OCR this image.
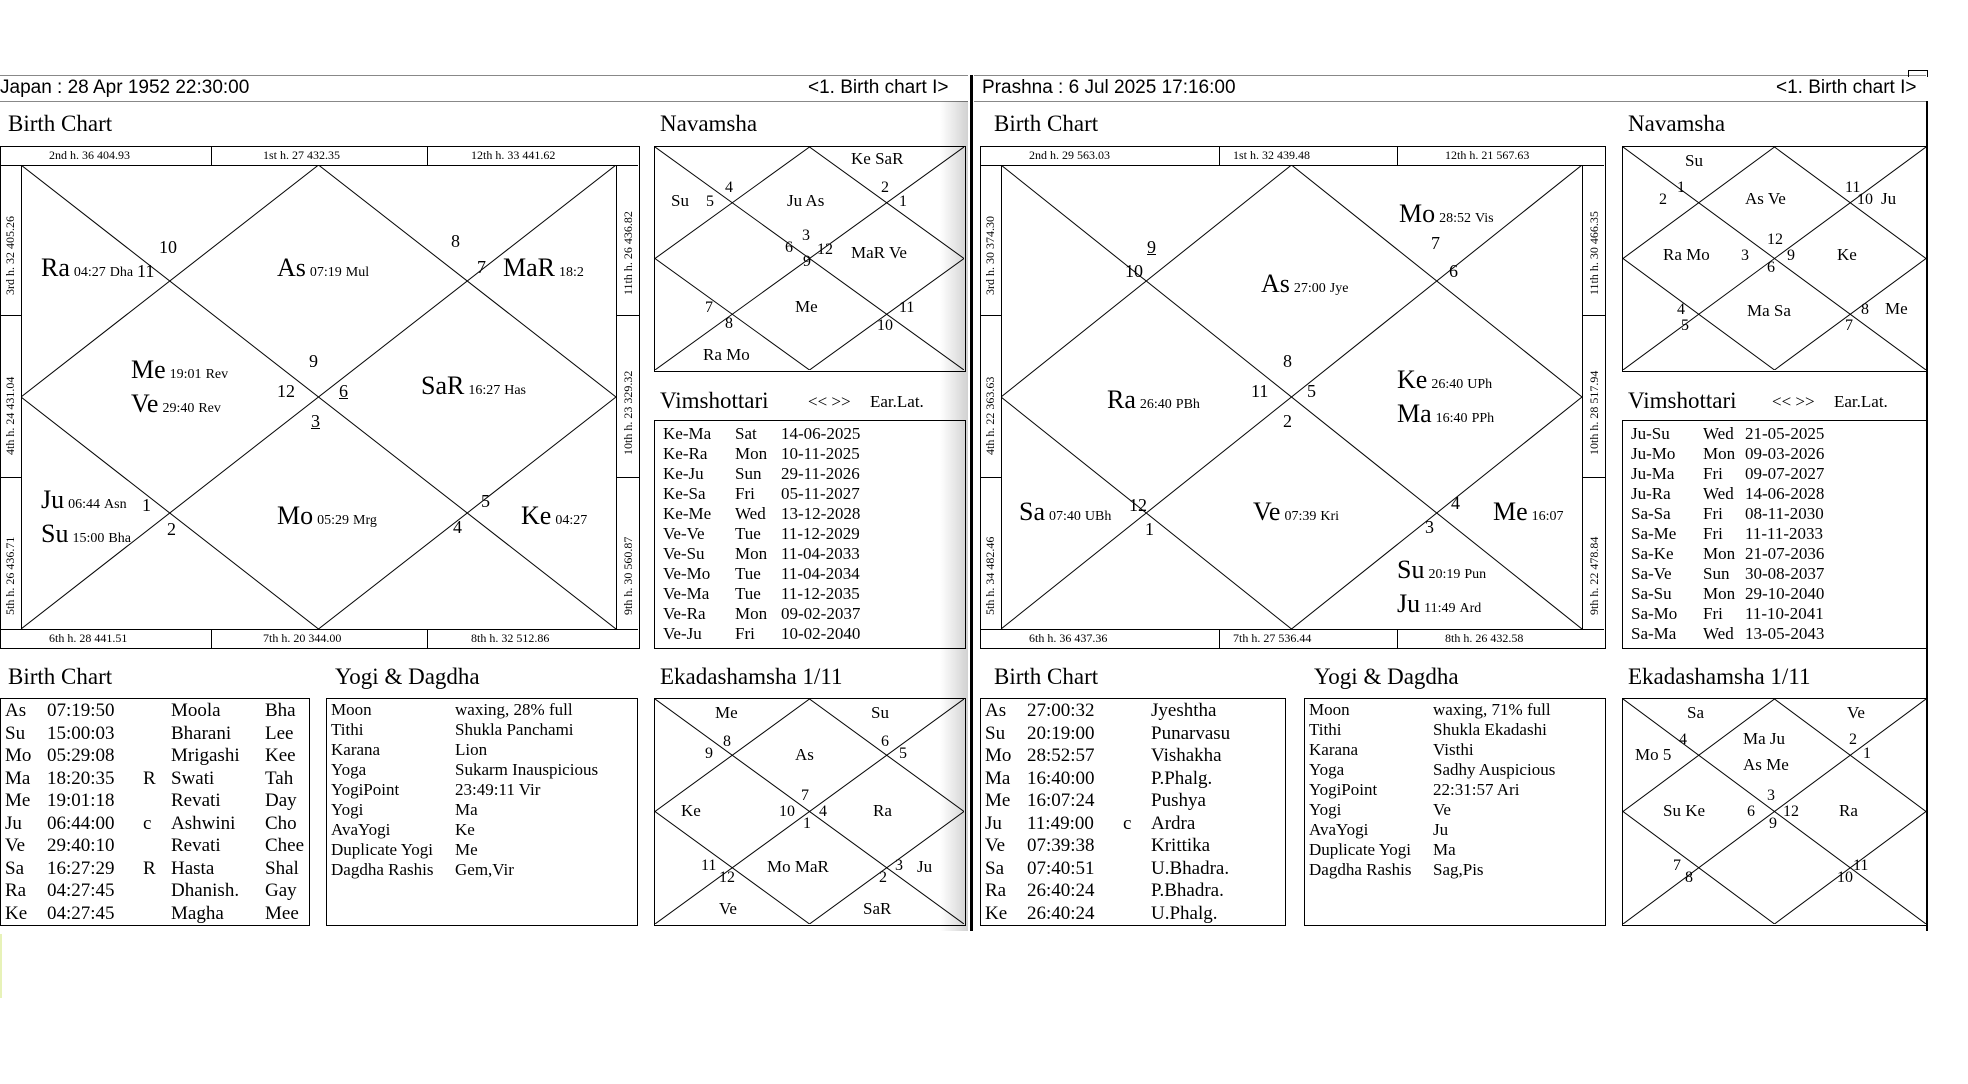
Japan : 28 Apr 1952 22:30:00	<1. Birth chart I>
Birth Chart
2nd h. 36 404.93	1st h. 27 432.35	12th h. 33 441.62
6th h. 28 441.51	7th h. 20 344.00	8th h. 32 512.86
3rd h. 32 405.26
4th h. 24 431.04
5th h. 26 436.71
11th h. 26 436.82
10th h. 23 329.32
9th h. 30 560.87
10
11
8
7
9
12 6
3
1
2
5
4
Ra 04:27 Dha	As 07:19 Mul	MaR 18:2
Me 19:01 Rev
Ve 29:40 Rev
SaR 16:27 Has
Ju 06:44 Asn
Su 15:00 Bha
Mo 05:29 Mrg	Ke 04:27
Navamsha
Ke SaR
4	2
Su 5	Ju As	1
6
3
12 MaR Ve
9
Me
7	11
8	10
Ra Mo
Vimshottari << >> Ear.Lat.
Ke-Ma Sat 14-06-2025
Ke-Ra Mon 10-11-2025
Ke-Ju Sun 29-11-2026
Ke-Sa Fri 05-11-2027
Ke-Me Wed 13-12-2028
Ve-Ve Tue 11-12-2029
Ve-Su Mon 11-04-2033
Ve-Mo Tue 11-04-2034
Ve-Ma Tue 11-12-2035
Ve-Ra Mon 09-02-2037
Ve-Ju Fri 10-02-2040
Birth Chart
As 07:19:50	Moola Bha
Su 15:00:03	Bharani Lee
Mo 05:29:08	Mrigashi Kee
Ma 18:20:35 R Swati	Tah
Me 19:01:18	Revati Day
Ju 06:44:00 c Ashwini Cho
Ve 29:40:10	Revati Chee
Sa 16:27:29 R Hasta	Shal
Ra 04:27:45	Dhanish. Gay
Ke 04:27:45	Magha Mee
Yogi & Dagdha
Moon	waxing, 28% full
Tithi	Shukla Panchami
Karana	Lion
Yoga	Sukarm Inauspicious
YogiPoint	23:49:11 Vir
Yogi	Ma
AvaYogi	Ke
Duplicate Yogi Me
Dagdha Rashis Gem,Vir
Ekadashamsha 1/11
Me	Su
8	6
9	As	5
Ke	10
7
4	Ra
1
11
12
3
Mo MaR
2
Ju
Ve	SaR
Prashna : 6 Jul 2025 17:16:00	<1. Birth chart I>
Birth Chart
2nd h. 29 563.03	1st h. 32 439.48	12th h. 21 567.63
6th h. 36 437.36	7th h. 27 536.44	8th h. 26 432.58
3rd h. 30 374.30
4th h. 22 363.63
5th h. 34 482.46
11th h. 30 466.35
10th h. 28 517.94
9th h. 22 478.84
9
10
7
6
8
11 5
2
12
1
4
3
Mo 28:52 Vis
As 27:00 Jye
Ra 26:40 PBh
Ke 26:40 UPh
Ma 16:40 PPh
Sa 07:40 UBh	Ve 07:39 Kri	Me 16:07
Su 20:19 Pun
Ju 11:49 Ard
Navamsha
Su
1	11
2	As Ve	10 Ju
Ra Mo 3
12
9 Ke
6
4	Ma Sa	8 Me
5	7
Vimshottari << >> Ear.Lat.
Ju-Su Wed 21-05-2025
Ju-Mo Mon 09-03-2026
Ju-Ma Fri 09-07-2027
Ju-Ra Wed 14-06-2028
Sa-Sa Fri 08-11-2030
Sa-Me Fri 11-11-2033
Sa-Ke Mon 21-07-2036
Sa-Ve Sun 30-08-2037
Sa-Su Mon 29-10-2040
Sa-Mo Fri 11-10-2041
Sa-Ma Wed 13-05-2043
Birth Chart
As 27:00:32	Jyeshtha
Su 20:19:00	Punarvasu
Mo 28:52:57	Vishakha
Ma 16:40:00	P.Phalg.
Me 16:07:24	Pushya
Ju 11:49:00 c Ardra
Ve 07:39:38	Krittika
Sa 07:40:51	U.Bhadra.
Ra 26:40:24	P.Bhadra.
Ke 26:40:24	U.Phalg.
Yogi & Dagdha
Moon	waxing, 71% full
Tithi	Shukla Ekadashi
Karana	Visthi
Yoga	Sadhy Auspicious
YogiPoint	22:31:57 Ari
Yogi	Ve
AvaYogi	Ju
Duplicate Yogi Ma
Dagdha Rashis Sag,Pis
Ekadashamsha 1/11
Sa	Ve
4
Mo 5
Ma Ju	2
1
As Me
3
Su Ke	6 12 Ra
9
7	11
8	10
